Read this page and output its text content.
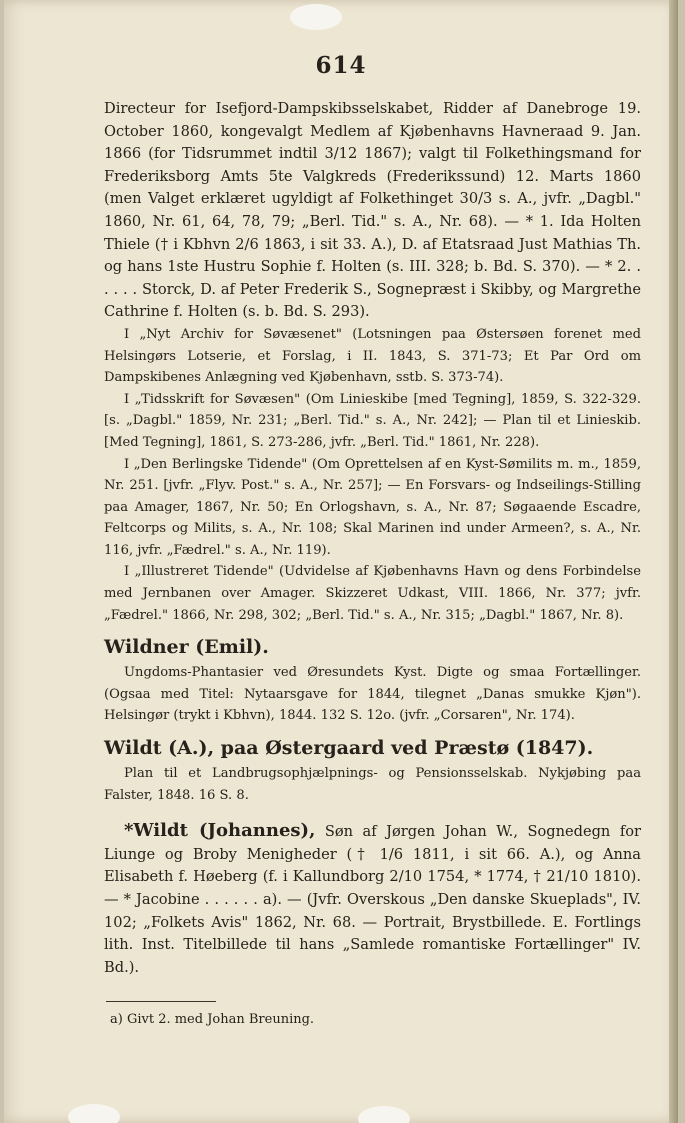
614

Directeur for Isefjord-Dampskibsselskabet, Ridder af Danebroge 19. October 1860, kongevalgt Medlem af Kjøbenhavns Havneraad 9. Jan. 1866 (for Tidsrummet indtil 3/12 1867); valgt til Folkethingsmand for Frederiksborg Amts 5te Valgkreds (Frederikssund) 12. Marts 1860 (men Valget erklæret ugyldigt af Folkethinget 30/3 s. A., jvfr. „Dagbl." 1860, Nr. 61, 64, 78, 79; „Berl. Tid." s. A., Nr. 68). — * 1. Ida Holten Thiele († i Kbhvn 2/6 1863, i sit 33. A.), D. af Etatsraad Just Mathias Th. og hans 1ste Hustru Sophie f. Holten (s. III. 328; b. Bd. S. 370). — * 2. . . . . . Storck, D. af Peter Frederik S., Sognepræst i Skibby, og Margrethe Cathrine f. Holten (s. b. Bd. S. 293).

I „Nyt Archiv for Søvæsenet" (Lotsningen paa Østersøen forenet med Helsingørs Lotserie, et Forslag, i II. 1843, S. 371-73; Et Par Ord om Dampskibenes Anlægning ved Kjøbenhavn, sstb. S. 373-74).

I „Tidsskrift for Søvæsen" (Om Linieskibe [med Tegning], 1859, S. 322-329. [s. „Dagbl." 1859, Nr. 231; „Berl. Tid." s. A., Nr. 242]; — Plan til et Linieskib. [Med Tegning], 1861, S. 273-286, jvfr. „Berl. Tid." 1861, Nr. 228).

I „Den Berlingske Tidende" (Om Oprettelsen af en Kyst-Sømilits m. m., 1859, Nr. 251. [jvfr. „Flyv. Post." s. A., Nr. 257]; — En Forsvars- og Indseilings-Stilling paa Amager, 1867, Nr. 50; En Orlogshavn, s. A., Nr. 87; Søgaaende Escadre, Feltcorps og Milits, s. A., Nr. 108; Skal Marinen ind under Armeen?, s. A., Nr. 116, jvfr. „Fædrel." s. A., Nr. 119).

I „Illustreret Tidende" (Udvidelse af Kjøbenhavns Havn og dens Forbindelse med Jernbanen over Amager. Skizzeret Udkast, VIII. 1866, Nr. 377; jvfr. „Fædrel." 1866, Nr. 298, 302; „Berl. Tid." s. A., Nr. 315; „Dagbl." 1867, Nr. 8).

Wildner (Emil).

Ungdoms-Phantasier ved Øresundets Kyst. Digte og smaa Fortællinger. (Ogsaa med Titel: Nytaarsgave for 1844, tilegnet „Danas smukke Kjøn"). Helsingør (trykt i Kbhvn), 1844. 132 S. 12o. (jvfr. „Corsaren", Nr. 174).

Wildt (A.), paa Østergaard ved Præstø (1847).

Plan til et Landbrugsophjælpnings- og Pensionsselskab. Nykjøbing paa Falster, 1848. 16 S. 8.

*Wildt (Johannes), Søn af Jørgen Johan W., Sognedegn for Liunge og Broby Menigheder († 1/6 1811, i sit 66. A.), og Anna Elisabeth f. Høeberg (f. i Kallundborg 2/10 1754, * 1774, † 21/10 1810). — * Jacobine . . . . . . a). — (Jvfr. Overskous „Den danske Skueplads", IV. 102; „Folkets Avis" 1862, Nr. 68. — Portrait, Brystbillede. E. Fortlings lith. Inst. Titelbillede til hans „Samlede romantiske Fortællinger" IV. Bd.).

a) Givt 2. med Johan Breuning.
